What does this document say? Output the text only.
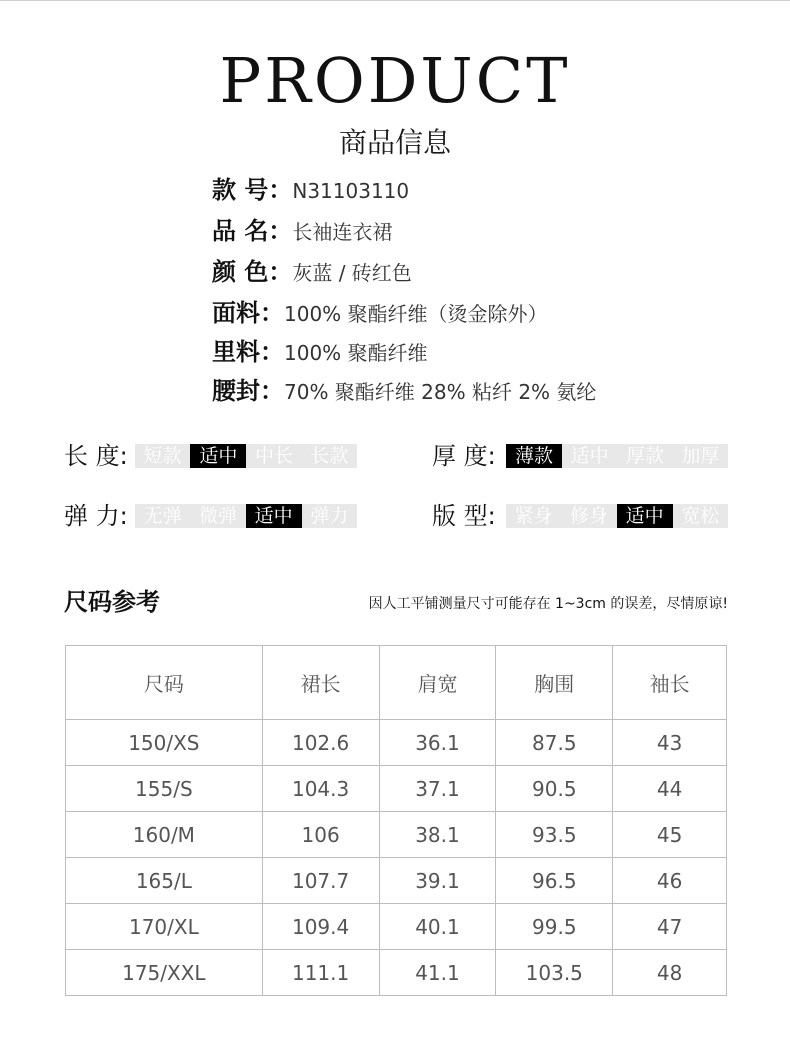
PRODUCT
商品信息
款 号：N31103110
品 名：长袖连衣裙
颜 色：灰蓝 / 砖红色
面料：100% 聚酯纤维（烫金除外）
里料：100% 聚酯纤维
腰封：70% 聚酯纤维 28% 粘纤 2% 氨纶
长 度: 短款 适中 中长 长款	厚 度:	薄款 适中 厚款 加厚
弹 力: 无弹 微弹 适中 弹力	版 型: 紧身 修身 适中 宽松
尺码参考	因人工平铺测量尺寸可能存在 1~3cm 的误差，尽情原谅!
尺码	裙长	肩宽	胸围	袖长
150/XS	102.6	36.1	87.5	43
155/S	104.3	37.1	90.5	44
160/M	106	38.1	93.5	45
165/L	107.7	39.1	96.5	46
170/XL	109.4	40.1	99.5	47
175/XXL	111.1	41.1	103.5	48
